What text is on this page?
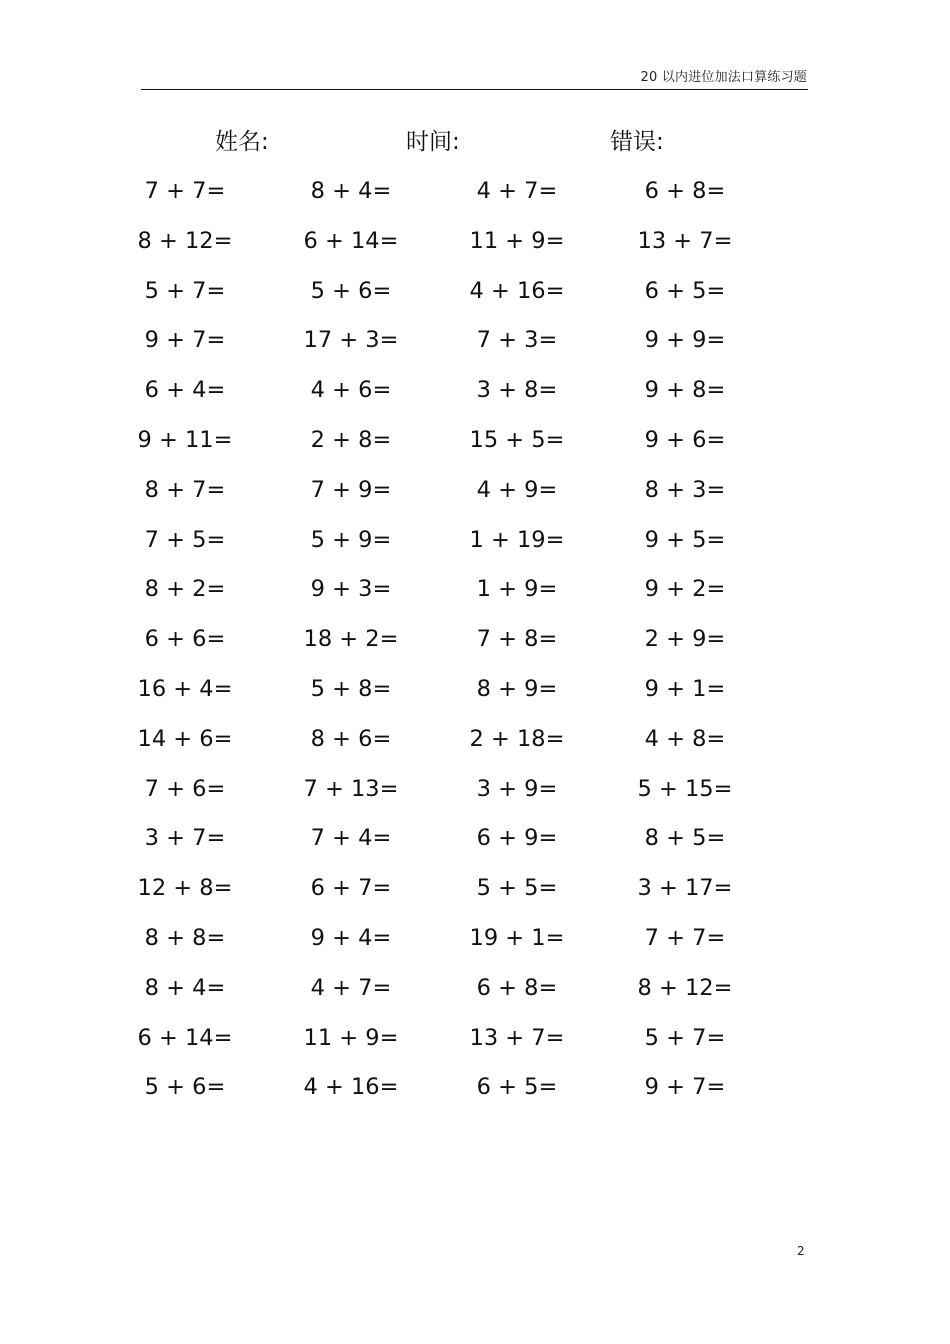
20 以内进位加法口算练习题
姓名:	时间:	错误:
7 + 7=	8 + 4=	4 + 7=	6 + 8=
8 + 12=	6 + 14=	11 + 9=	13 + 7=
5 + 7=	5 + 6=	4 + 16=	6 + 5=
9 + 7=	17 + 3=	7 + 3=	9 + 9=
6 + 4=	4 + 6=	3 + 8=	9 + 8=
9 + 11=	2 + 8=	15 + 5=	9 + 6=
8 + 7=	7 + 9=	4 + 9=	8 + 3=
7 + 5=	5 + 9=	1 + 19=	9 + 5=
8 + 2=	9 + 3=	1 + 9=	9 + 2=
6 + 6=	18 + 2=	7 + 8=	2 + 9=
16 + 4=	5 + 8=	8 + 9=	9 + 1=
14 + 6=	8 + 6=	2 + 18=	4 + 8=
7 + 6=	7 + 13=	3 + 9=	5 + 15=
3 + 7=	7 + 4=	6 + 9=	8 + 5=
12 + 8=	6 + 7=	5 + 5=	3 + 17=
8 + 8=	9 + 4=	19 + 1=	7 + 7=
8 + 4=	4 + 7=	6 + 8=	8 + 12=
6 + 14=	11 + 9=	13 + 7=	5 + 7=
5 + 6=	4 + 16=	6 + 5=	9 + 7=
2
